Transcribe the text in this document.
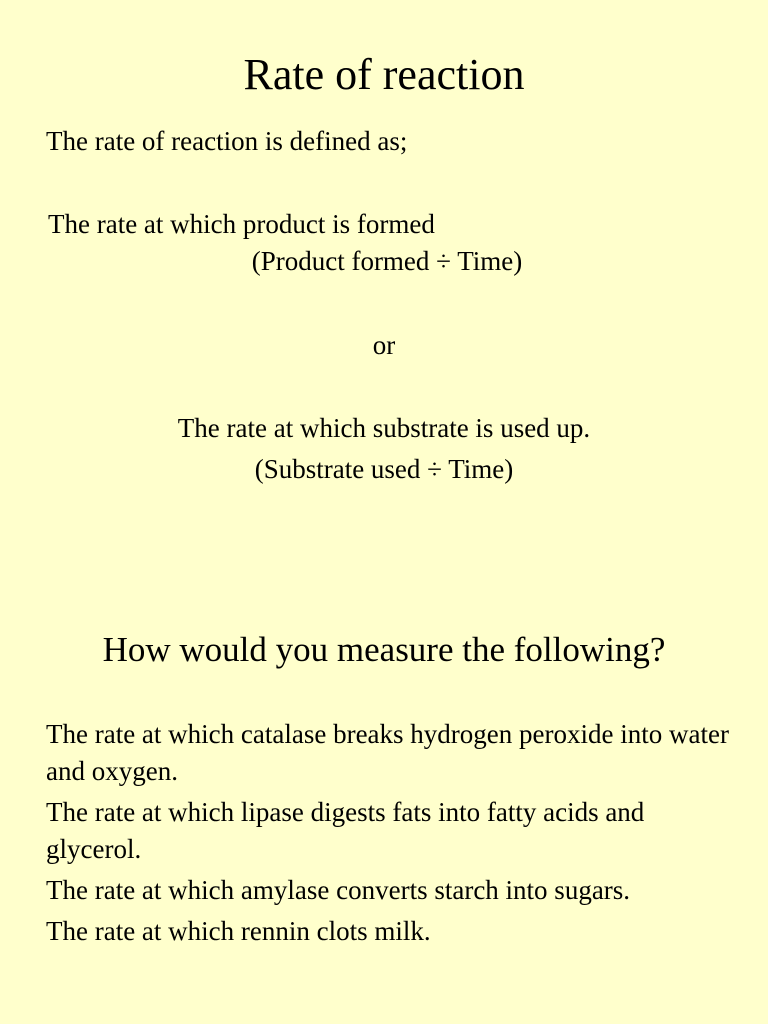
Rate of reaction

The rate of reaction is defined as;

The rate at which product is formed

(Product formed ÷ Time)

or

The rate at which substrate is used up.

(Substrate used ÷ Time)

How would you measure the following?

The rate at which catalase breaks hydrogen peroxide into water and oxygen.

The rate at which lipase digests fats into fatty acids and glycerol.

The rate at which amylase converts starch into sugars.

The rate at which rennin clots milk.
